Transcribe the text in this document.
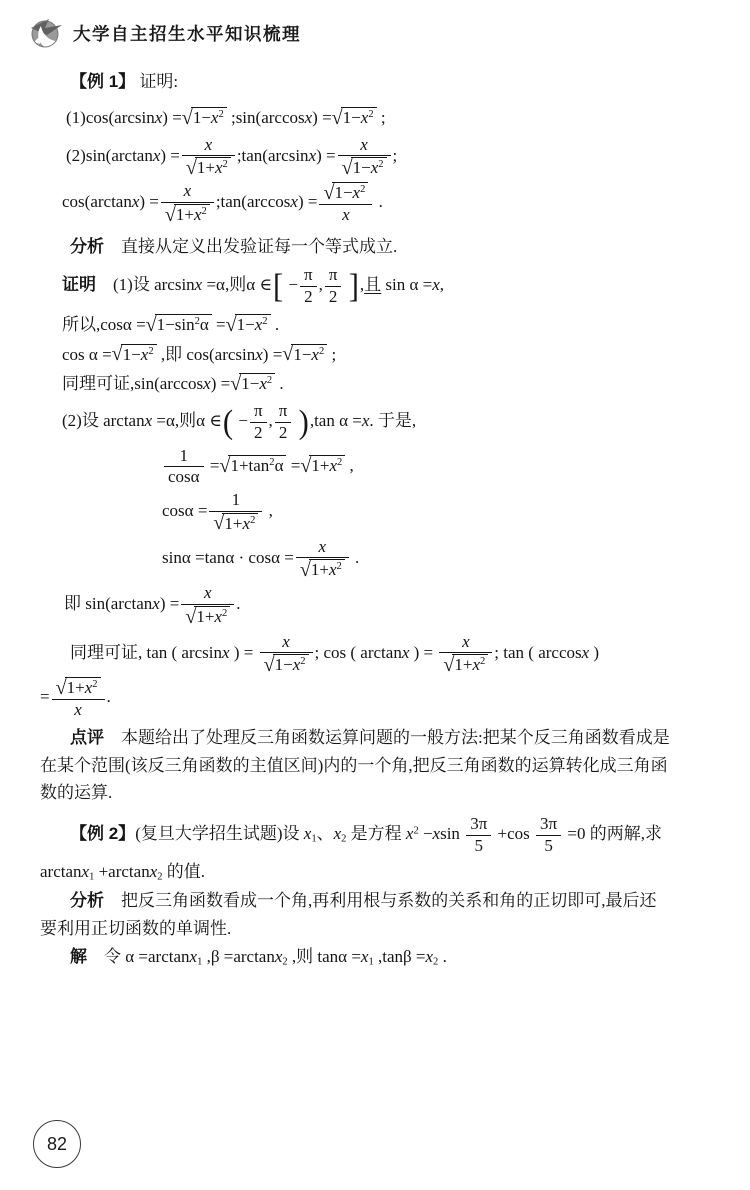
大学自主招生水平知识梳理
【例 1】 证明:
$(1)\cos(\arcsin x) =√1-x^2$ ;sin(arccosx) $=√1-x^2$ ;
$(2)\sin(\arctan x) = \frac{x}{√1+x^2}$ ;tan(arcsinx) = $\frac{x}{√1-x^2}$ ;
$\cos(\arctan x) = \frac{x}{√1+x^2}$ ;tan(arccosx) = $\frac{√1-x^2}{x}$ .
分析　直接从定义出发验证每一个等式成立.
证明　(1)设 arcsinx =α,则α ∈[ − $\frac{\pi}{2}$ , $\frac{\pi}{2}$ ],且 sin α =x,
所以$,\cos\alpha =√1-\sin^2\alpha =√1-x^2$ .
$\cos \alpha =√1-x^2$ ,即 $\cos(\arcsin x) =√1-x^2$ ;
同理可证$,\sin(\arccos x) =√1-x^2$ .
(2)设 arctanx =α,则α ∈( − $\frac{\pi}{2}$ , $\frac{\pi}{2} ),\tan$ α =x. 于是,
$\frac{1}{\cos\alpha} =√1+\tan^2\alpha =√1+x^2$ ,
$\cos\alpha = \frac{1}{√1+x^2}$ ,
$\sin\alpha =\tan\alpha \cdot \cos\alpha = \frac{x}{√1+x^2}$ .
即 $\sin(\arctan x) = \frac{x}{√1+x^2}$ .
同理可证, tan ( arcsinx ) = $\frac{x}{√1-x^2}$ ; cos ( arctanx ) = $\frac{x}{√1+x^2}$ ; tan ( arccosx )
= $\frac{√1+x^2}{x}$ .
点评　本题给出了处理反三角函数运算问题的一般方法:把某个反三角函数看成是
在某个范围(该反三角函数的主值区间)内的一个角,把反三角函数的运算转化成三角函
数的运算.
【例 2】(复旦大学招生试题)设 x1、x2 是方程 $x^2 -xsin \frac{3\pi}{5} +\cos \frac{3\pi}{5} =0$ 的两解,求
arctanx1 +arctanx2 的值.
分析　把反三角函数看成一个角,再利用根与系数的关系和角的正切即可,最后还
要利用正切函数的单调性.
解　令 α =arctanx1 ,β =arctanx2 ,则 tanα =x1 ,tanβ =x2 .
82
